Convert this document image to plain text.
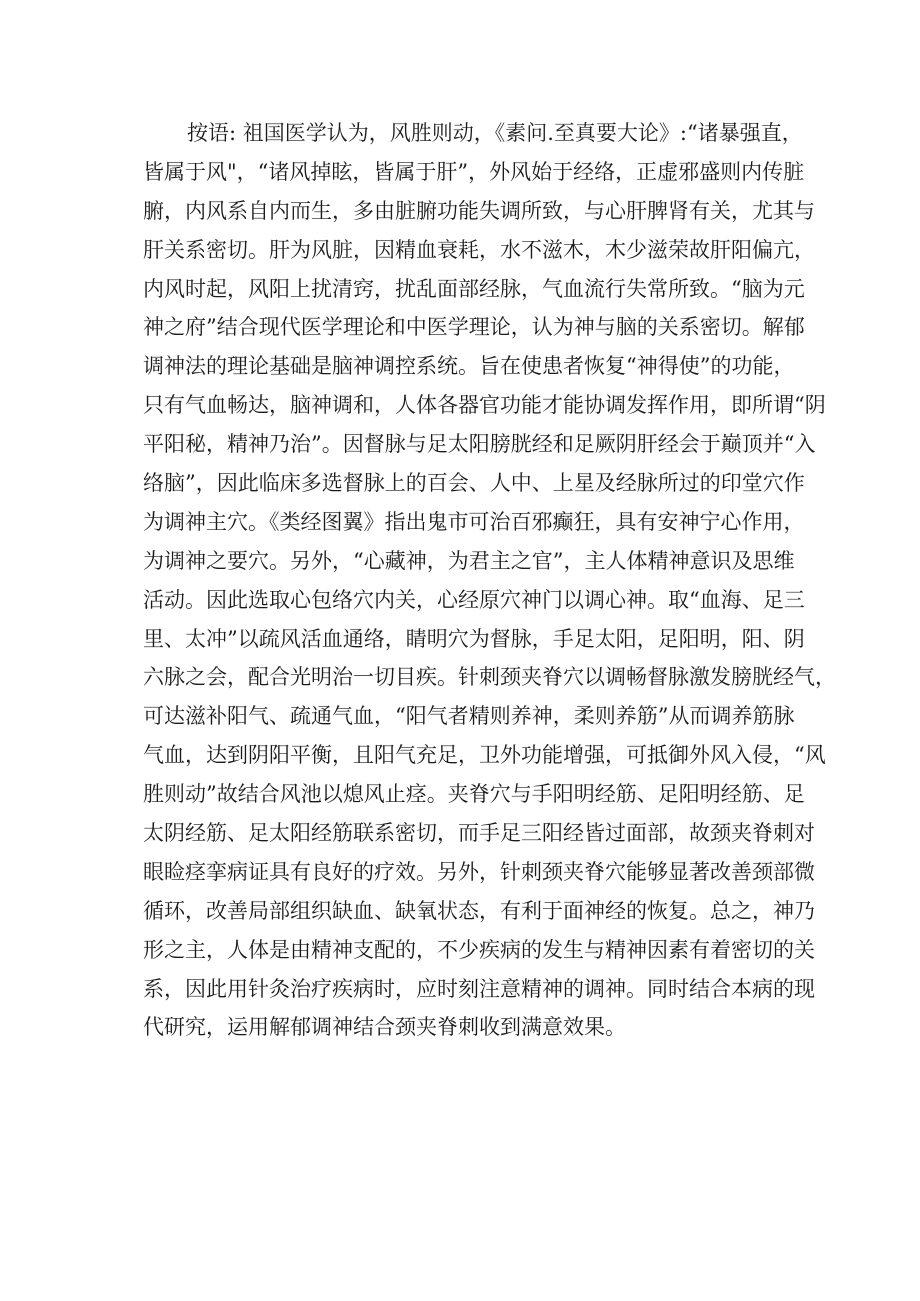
按语: 祖国医学认为，风胜则动，《素问.至真要大论》:“诸暴强直，
皆属于风"，“诸风掉眩，皆属于肝”，外风始于经络，正虚邪盛则内传脏
腑，内风系自内而生，多由脏腑功能失调所致，与心肝脾肾有关，尤其与
肝关系密切。肝为风脏，因精血衰耗，水不滋木，木少滋荣故肝阳偏亢，
内风时起，风阳上扰清窍，扰乱面部经脉，气血流行失常所致。“脑为元
神之府”结合现代医学理论和中医学理论，认为神与脑的关系密切。解郁
调神法的理论基础是脑神调控系统。旨在使患者恢复“神得使”的功能，
只有气血畅达，脑神调和，人体各器官功能才能协调发挥作用，即所谓“阴
平阳秘，精神乃治”。因督脉与足太阳膀胱经和足厥阴肝经会于巅顶并“入
络脑”，因此临床多选督脉上的百会、人中、上星及经脉所过的印堂穴作
为调神主穴。《类经图翼》指出鬼市可治百邪癫狂，具有安神宁心作用，
为调神之要穴。另外，“心藏神，为君主之官”，主人体精神意识及思维
活动。因此选取心包络穴内关，心经原穴神门以调心神。取“血海、足三
里、太冲”以疏风活血通络，睛明穴为督脉，手足太阳，足阳明，阳、阴
六脉之会，配合光明治一切目疾。针刺颈夹脊穴以调畅督脉激发膀胱经气，
可达滋补阳气、疏通气血，“阳气者精则养神，柔则养筋”从而调养筋脉
气血，达到阴阳平衡，且阳气充足，卫外功能增强，可抵御外风入侵，“风
胜则动”故结合风池以熄风止痉。夹脊穴与手阳明经筋、足阳明经筋、足
太阴经筋、足太阳经筋联系密切，而手足三阳经皆过面部，故颈夹脊刺对
眼睑痉挛病证具有良好的疗效。另外，针刺颈夹脊穴能够显著改善颈部微
循环，改善局部组织缺血、缺氧状态，有利于面神经的恢复。总之，神乃
形之主，人体是由精神支配的，不少疾病的发生与精神因素有着密切的关
系，因此用针灸治疗疾病时，应时刻注意精神的调神。同时结合本病的现
代研究，运用解郁调神结合颈夹脊刺收到满意效果。
